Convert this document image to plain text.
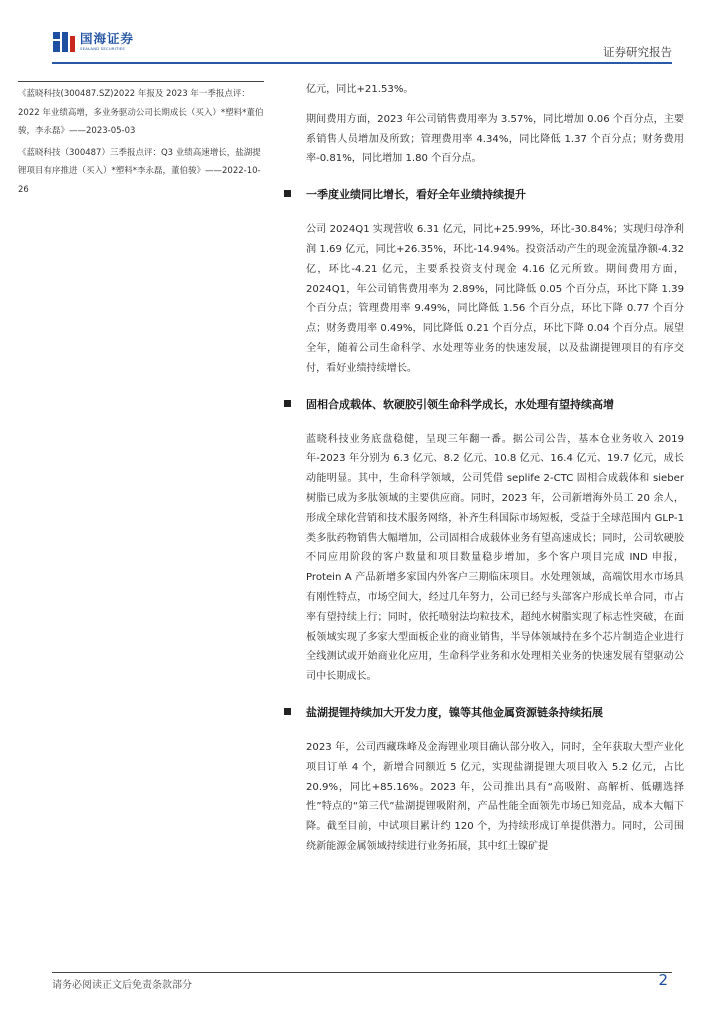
国海证券
SEALAND SECURITIES	证券研究报告
《蓝晓科技(300487.SZ)2022 年报及 2023 年一季报点评：2022 年业绩高增，多业务驱动公司长期成长（买入）*塑料*董伯骏，李永磊》——2023-05-03
《蓝晓科技（300487）三季报点评：Q3 业绩高速增长，盐湖提锂项目有序推进（买入）*塑料*李永磊，董伯骏》——2022-10-26

亿元，同比+21.53%。

期间费用方面，2023 年公司销售费用率为 3.57%，同比增加 0.06 个百分点，主要系销售人员增加及所致；管理费用率 4.34%，同比降低 1.37 个百分点；财务费用率-0.81%，同比增加 1.80 个百分点。

一季度业绩同比增长，看好全年业绩持续提升

公司 2024Q1 实现营收 6.31 亿元，同比+25.99%，环比-30.84%；实现归母净利润 1.69 亿元，同比+26.35%，环比-14.94%。投资活动产生的现金流量净额-4.32 亿，环比-4.21 亿元，主要系投资支付现金 4.16 亿元所致。期间费用方面，2024Q1，年公司销售费用率为 2.89%，同比降低 0.05 个百分点，环比下降 1.39 个百分点；管理费用率 9.49%，同比降低 1.56 个百分点，环比下降 0.77 个百分点；财务费用率 0.49%，同比降低 0.21 个百分点，环比下降 0.04 个百分点。展望全年，随着公司生命科学、水处理等业务的快速发展，以及盐湖提锂项目的有序交付，看好业绩持续增长。

固相合成载体、软硬胶引领生命科学成长，水处理有望持续高增

蓝晓科技业务底盘稳健，呈现三年翻一番。据公司公告，基本仓业务收入 2019 年-2023 年分别为 6.3 亿元、8.2 亿元、10.8 亿元、16.4 亿元、19.7 亿元，成长动能明显。其中，生命科学领域，公司凭借 seplife 2-CTC 固相合成载体和 sieber 树脂已成为多肽领域的主要供应商。同时，2023 年，公司新增海外员工 20 余人，形成全球化营销和技术服务网络，补齐生科国际市场短板，受益于全球范围内 GLP-1 类多肽药物销售大幅增加，公司固相合成载体业务有望高速成长；同时，公司软硬胶不同应用阶段的客户数量和项目数量稳步增加，多个客户项目完成 IND 申报，Protein A 产品新增多家国内外客户三期临床项目。水处理领域，高端饮用水市场具有刚性特点，市场空间大，经过几年努力，公司已经与头部客户形成长单合同，市占率有望持续上行；同时，依托喷射法均粒技术，超纯水树脂实现了标志性突破，在面板领域实现了多家大型面板企业的商业销售，半导体领域持在多个芯片制造企业进行全线测试或开始商业化应用，生命科学业务和水处理相关业务的快速发展有望驱动公司中长期成长。

盐湖提锂持续加大开发力度，镍等其他金属资源链条持续拓展

2023 年，公司西藏珠峰及金海锂业项目确认部分收入，同时，全年获取大型产业化项目订单 4 个，新增合同额近 5 亿元，实现盐湖提锂大项目收入 5.2 亿元，占比 20.9%，同比+85.16%。2023 年，公司推出具有“高吸附、高解析、低硼选择性”特点的“第三代”盐湖提锂吸附剂，产品性能全面领先市场已知竞品，成本大幅下降。截至目前，中试项目累计约 120 个，为持续形成订单提供潜力。同时，公司围绕新能源金属领域持续进行业务拓展，其中红土镍矿提

请务必阅读正文后免责条款部分	2
